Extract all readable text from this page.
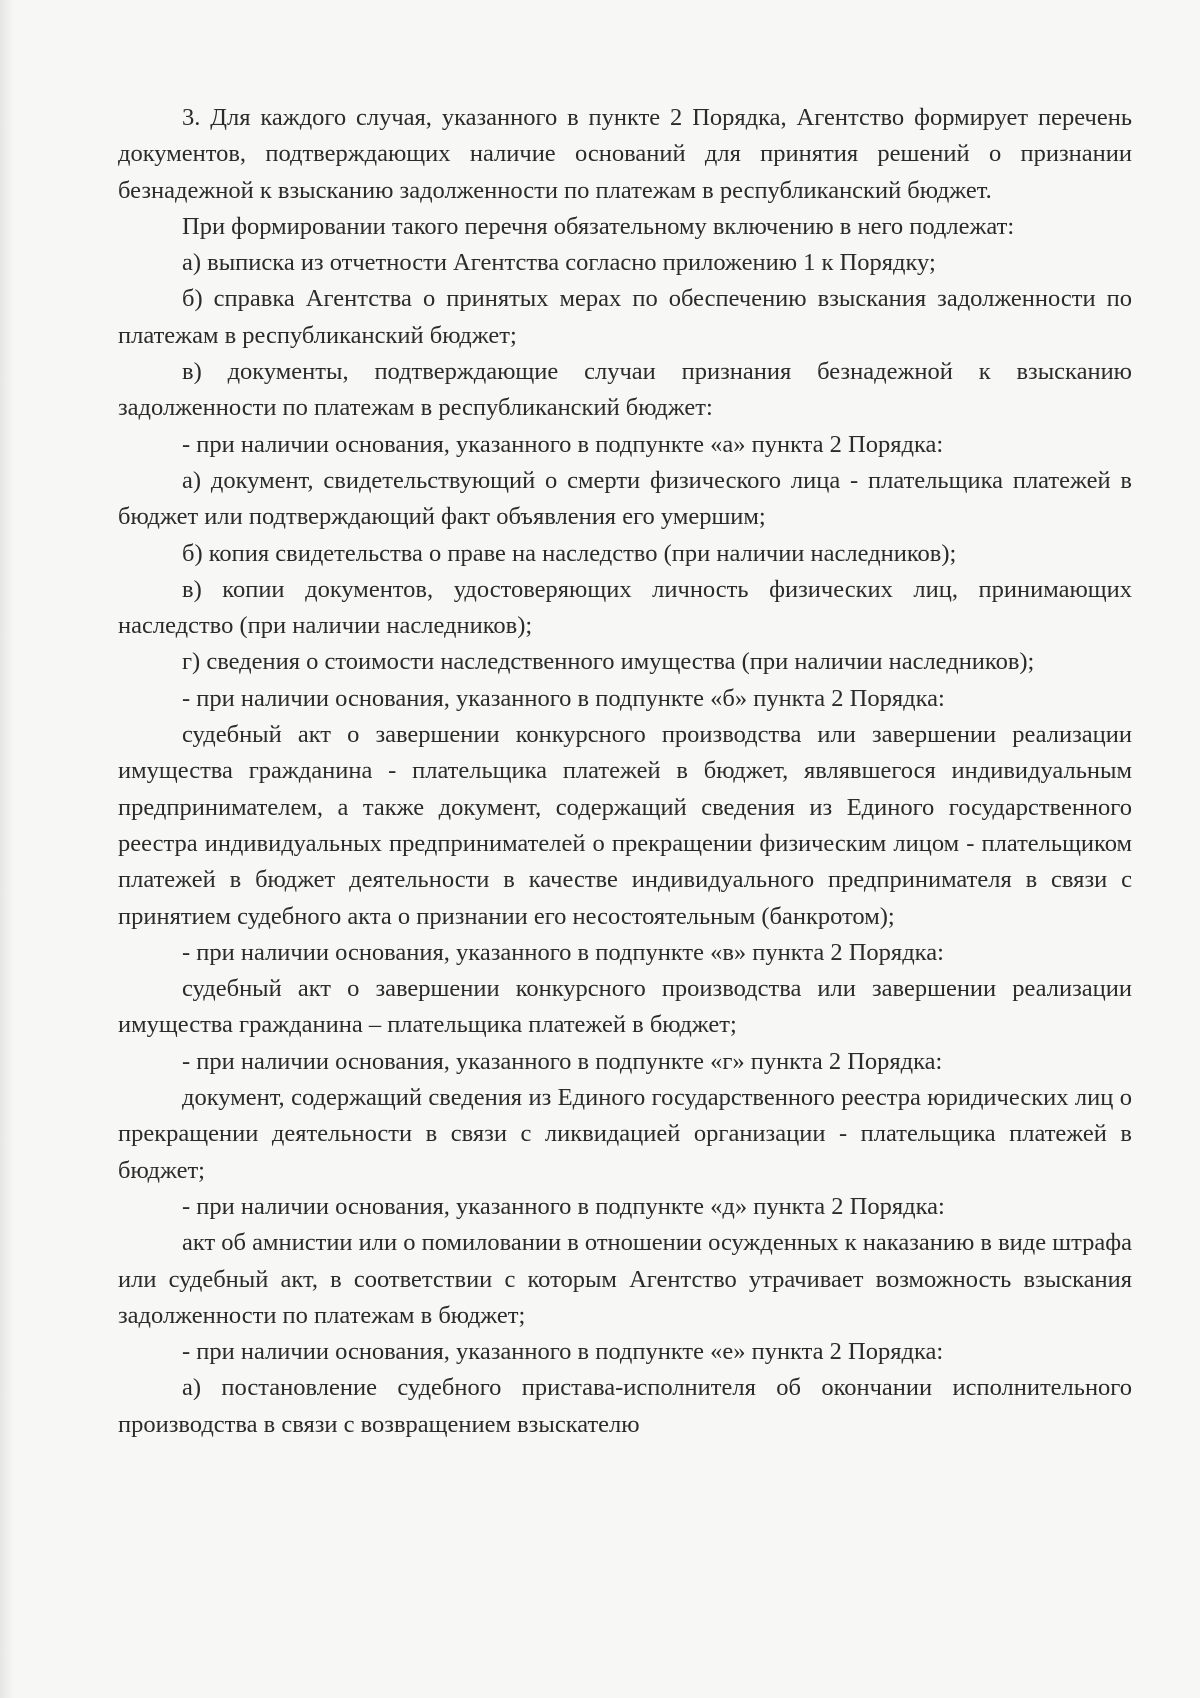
3. Для каждого случая, указанного в пункте 2 Порядка, Агентство формирует перечень документов, подтверждающих наличие оснований для принятия решений о признании безнадежной к взысканию задолженности по платежам в республиканский бюджет.

При формировании такого перечня обязательному включению в него подлежат:

а) выписка из отчетности Агентства согласно приложению 1 к Порядку;

б) справка Агентства о принятых мерах по обеспечению взыскания задолженности по платежам в республиканский бюджет;

в) документы, подтверждающие случаи признания безнадежной к взысканию задолженности по платежам в республиканский бюджет:

- при наличии основания, указанного в подпункте «а» пункта 2 Порядка:

а) документ, свидетельствующий о смерти физического лица - плательщика платежей в бюджет или подтверждающий факт объявления его умершим;

б) копия свидетельства о праве на наследство (при наличии наследников);

в) копии документов, удостоверяющих личность физических лиц, принимающих наследство (при наличии наследников);

г) сведения о стоимости наследственного имущества (при наличии наследников);

- при наличии основания, указанного в подпункте «б» пункта 2 Порядка:

судебный акт о завершении конкурсного производства или завершении реализации имущества гражданина - плательщика платежей в бюджет, являвшегося индивидуальным предпринимателем, а также документ, содержащий сведения из Единого государственного реестра индивидуальных предпринимателей о прекращении физическим лицом - плательщиком платежей в бюджет деятельности в качестве индивидуального предпринимателя в связи с принятием судебного акта о признании его несостоятельным (банкротом);

- при наличии основания, указанного в подпункте «в» пункта 2 Порядка:

судебный акт о завершении конкурсного производства или завершении реализации имущества гражданина – плательщика платежей в бюджет;

- при наличии основания, указанного в подпункте «г» пункта 2 Порядка:

документ, содержащий сведения из Единого государственного реестра юридических лиц о прекращении деятельности в связи с ликвидацией организации - плательщика платежей в бюджет;

- при наличии основания, указанного в подпункте «д» пункта 2 Порядка:

акт об амнистии или о помиловании в отношении осужденных к наказанию в виде штрафа или судебный акт, в соответствии с которым Агентство утрачивает возможность взыскания задолженности по платежам в бюджет;

- при наличии основания, указанного в подпункте «е» пункта 2 Порядка:

а) постановление судебного пристава-исполнителя об окончании исполнительного производства в связи с возвращением взыскателю
